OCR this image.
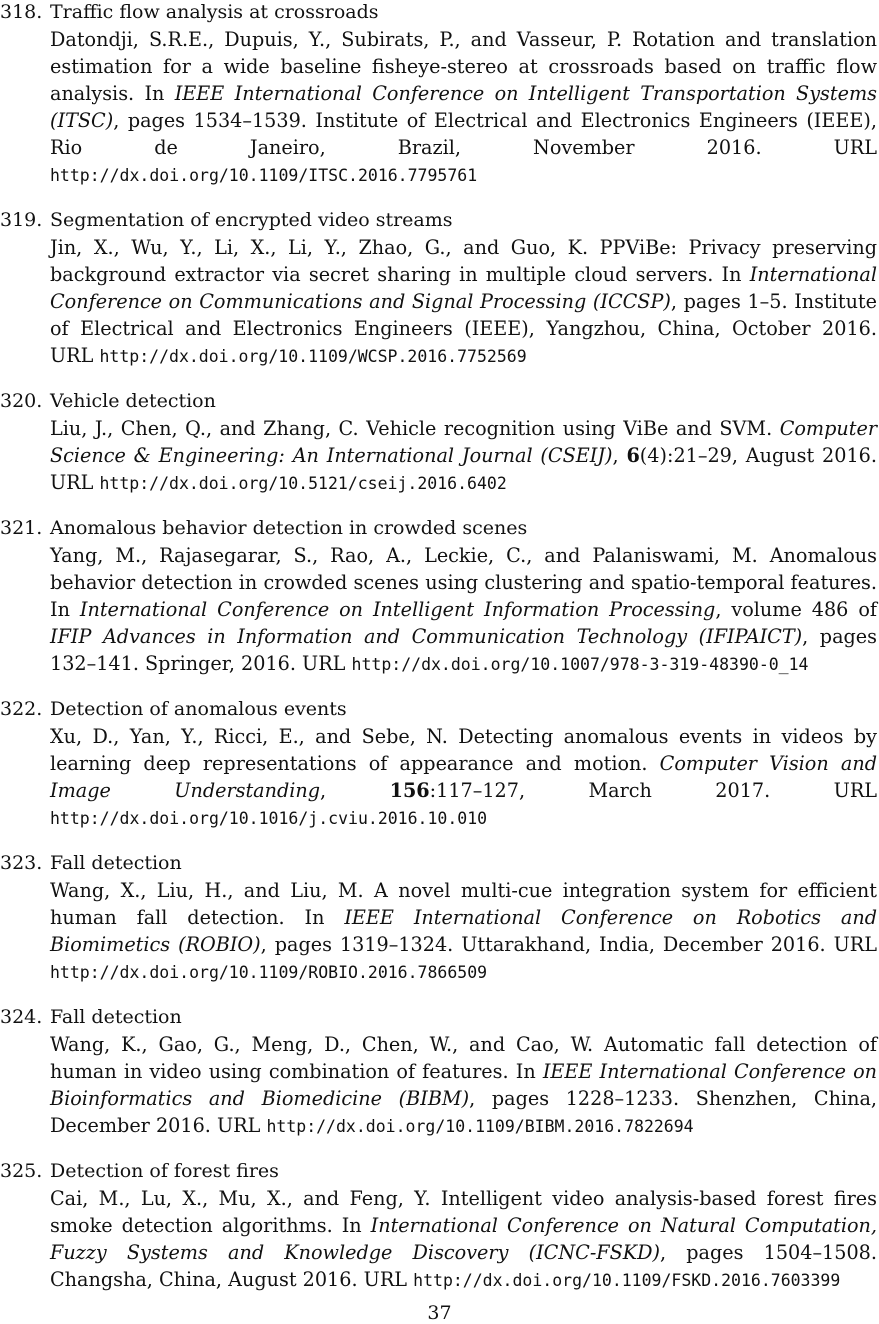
318. Traffic flow analysis at crossroads
Datondji, S.R.E., Dupuis, Y., Subirats, P., and Vasseur, P. Rotation and translation estimation for a wide baseline fisheye-stereo at crossroads based on traffic flow analysis. In IEEE International Conference on Intelligent Transportation Systems (ITSC), pages 1534–1539. Institute of Electrical and Electronics Engineers (IEEE), Rio de Janeiro, Brazil, November 2016. URL http://dx.doi.org/10.1109/ITSC.2016.7795761
319. Segmentation of encrypted video streams
Jin, X., Wu, Y., Li, X., Li, Y., Zhao, G., and Guo, K. PPViBe: Privacy preserving background extractor via secret sharing in multiple cloud servers. In International Conference on Communications and Signal Processing (ICCSP), pages 1–5. Institute of Electrical and Electronics Engineers (IEEE), Yangzhou, China, October 2016. URL http://dx.doi.org/10.1109/WCSP.2016.7752569
320. Vehicle detection
Liu, J., Chen, Q., and Zhang, C. Vehicle recognition using ViBe and SVM. Computer Science & Engineering: An International Journal (CSEIJ), 6(4):21–29, August 2016. URL http://dx.doi.org/10.5121/cseij.2016.6402
321. Anomalous behavior detection in crowded scenes
Yang, M., Rajasegarar, S., Rao, A., Leckie, C., and Palaniswami, M. Anomalous behavior detection in crowded scenes using clustering and spatio-temporal features. In International Conference on Intelligent Information Processing, volume 486 of IFIP Advances in Information and Communication Technology (IFIPAICT), pages 132–141. Springer, 2016. URL http://dx.doi.org/10.1007/978-3-319-48390-0_14
322. Detection of anomalous events
Xu, D., Yan, Y., Ricci, E., and Sebe, N. Detecting anomalous events in videos by learning deep representations of appearance and motion. Computer Vision and Image Understanding, 156:117–127, March 2017. URL http://dx.doi.org/10.1016/j.cviu.2016.10.010
323. Fall detection
Wang, X., Liu, H., and Liu, M. A novel multi-cue integration system for efficient human fall detection. In IEEE International Conference on Robotics and Biomimetics (ROBIO), pages 1319–1324. Uttarakhand, India, December 2016. URL http://dx.doi.org/10.1109/ROBIO.2016.7866509
324. Fall detection
Wang, K., Gao, G., Meng, D., Chen, W., and Cao, W. Automatic fall detection of human in video using combination of features. In IEEE International Conference on Bioinformatics and Biomedicine (BIBM), pages 1228–1233. Shenzhen, China, December 2016. URL http://dx.doi.org/10.1109/BIBM.2016.7822694
325. Detection of forest fires
Cai, M., Lu, X., Mu, X., and Feng, Y. Intelligent video analysis-based forest fires smoke detection algorithms. In International Conference on Natural Computation, Fuzzy Systems and Knowledge Discovery (ICNC-FSKD), pages 1504–1508. Changsha, China, August 2016. URL http://dx.doi.org/10.1109/FSKD.2016.7603399
37
